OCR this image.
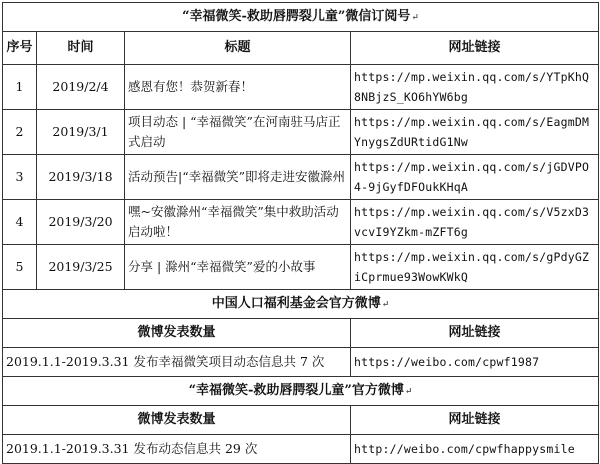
“幸福微笑-救助唇腭裂儿童”微信订阅号↵			
序号	时间	标题	网址链接
1	2019/2/4	感恩有您！恭贺新春！	https://mp.weixin.qq.com/s/YTpKhQ8NBjzS_KO6hYW6bg
2	2019/3/1	项目动态 | “幸福微笑”在河南驻马店正式启动	https://mp.weixin.qq.com/s/EagmDMYnygsZdURtidG1Nw
3	2019/3/18	活动预告|“幸福微笑”即将走进安徽滁州	https://mp.weixin.qq.com/s/jGDVPO4-9jGyfDFOukKHqA
4	2019/3/20	嘿~安徽滁州“幸福微笑”集中救助活动启动啦！	https://mp.weixin.qq.com/s/V5zxD3vcvI9YZkm-mZFT6g
5	2019/3/25	分享 | 滁州“幸福微笑”爱的小故事	https://mp.weixin.qq.com/s/gPdyGZiCprmue93WowKWkQ
中国人口福利基金会官方微博↵			
微博发表数量			网址链接
2019.1.1-2019.3.31 发布幸福微笑项目动态信息共 7 次			https://weibo.com/cpwf1987
“幸福微笑-救助唇腭裂儿童”官方微博↵			
微博发表数量			网址链接
2019.1.1-2019.3.31 发布动态信息共 29 次			http://weibo.com/cpwfhappysmile
